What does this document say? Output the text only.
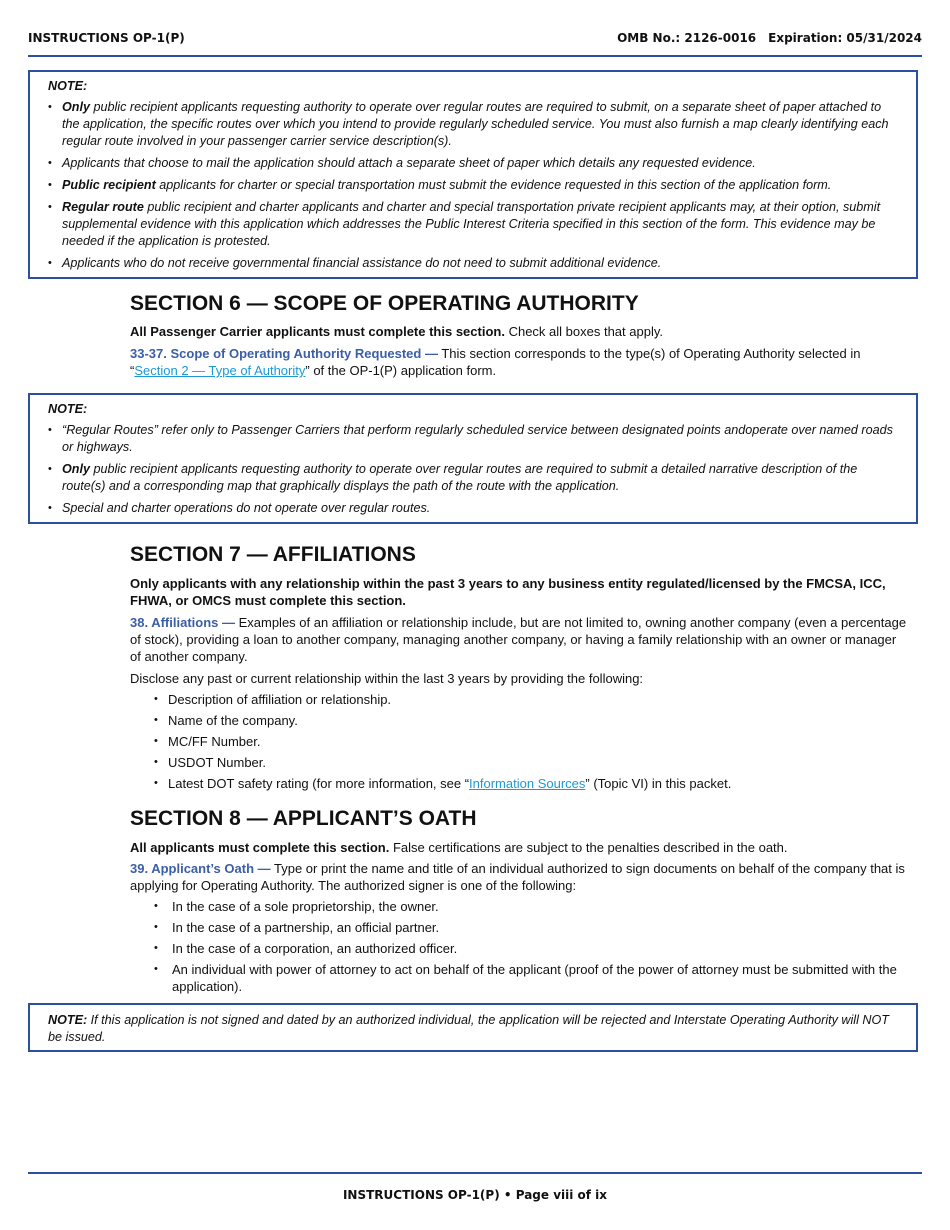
INSTRUCTIONS OP-1(P)	OMB No.: 2126-0016 Expiration: 05/31/2024
NOTE:
• Only public recipient applicants requesting authority to operate over regular routes are required to submit, on a separate sheet of paper attached to the application, the specific routes over which you intend to provide regularly scheduled service. You must also furnish a map clearly identifying each regular route involved in your passenger carrier service description(s).
• Applicants that choose to mail the application should attach a separate sheet of paper which details any requested evidence.
• Public recipient applicants for charter or special transportation must submit the evidence requested in this section of the application form.
• Regular route public recipient and charter applicants and charter and special transportation private recipient applicants may, at their option, submit supplemental evidence with this application which addresses the Public Interest Criteria specified in this section of the form. This evidence may be needed if the application is protested.
• Applicants who do not receive governmental financial assistance do not need to submit additional evidence.
SECTION 6 — SCOPE OF OPERATING AUTHORITY

All Passenger Carrier applicants must complete this section. Check all boxes that apply.

33-37. Scope of Operating Authority Requested — This section corresponds to the type(s) of Operating Authority selected in “Section 2 — Type of Authority” of the OP-1(P) application form.

NOTE:
• “Regular Routes” refer only to Passenger Carriers that perform regularly scheduled service between designated points andoperate over named roads or highways.
• Only public recipient applicants requesting authority to operate over regular routes are required to submit a detailed narrative description of the route(s) and a corresponding map that graphically displays the path of the route with the application.
• Special and charter operations do not operate over regular routes.
SECTION 7 — AFFILIATIONS

Only applicants with any relationship within the past 3 years to any business entity regulated/licensed by the FMCSA, ICC, FHWA, or OMCS must complete this section.

38. Affiliations — Examples of an affiliation or relationship include, but are not limited to, owning another company (even a percentage of stock), providing a loan to another company, managing another company, or having a family relationship with an owner or manager of another company.

Disclose any past or current relationship within the last 3 years by providing the following:

• Description of affiliation or relationship.
• Name of the company.
• MC/FF Number.
• USDOT Number.
• Latest DOT safety rating (for more information, see “Information Sources” (Topic VI) in this packet.
SECTION 8 — APPLICANT’S OATH

All applicants must complete this section. False certifications are subject to the penalties described in the oath.

39. Applicant’s Oath — Type or print the name and title of an individual authorized to sign documents on behalf of the company that is applying for Operating Authority. The authorized signer is one of the following:

• In the case of a sole proprietorship, the owner.
• In the case of a partnership, an official partner.
• In the case of a corporation, an authorized officer.
• An individual with power of attorney to act on behalf of the applicant (proof of the power of attorney must be submitted with the application).
NOTE: If this application is not signed and dated by an authorized individual, the application will be rejected and Interstate Operating Authority will NOT be issued.
INSTRUCTIONS OP-1(P) • Page viii of ix
